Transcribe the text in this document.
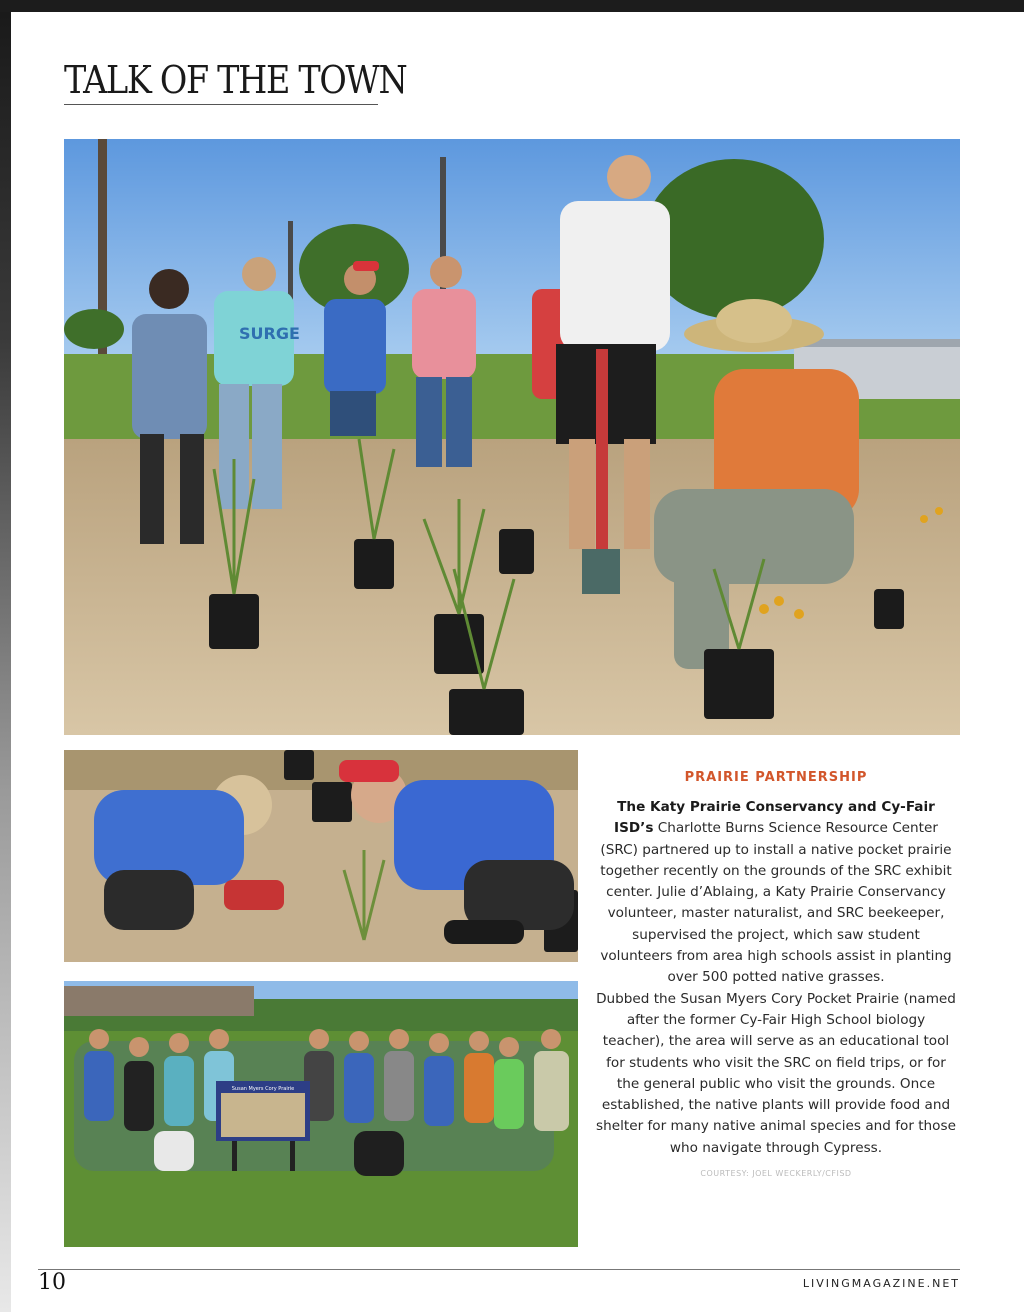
TALK OF THE TOWN
SURGE
Susan Myers Cory Prairie

PRAIRIE PARTNERSHIP

The Katy Prairie Conservancy and Cy-Fair ISD’s Charlotte Burns Science Resource Center (SRC) partnered up to install a native pocket prairie together recently on the grounds of the SRC exhibit center. Julie d’Ablaing, a Katy Prairie Conservancy volunteer, master naturalist, and SRC beekeeper, supervised the project, which saw student volunteers from area high schools assist in planting over 500 potted native grasses.

Dubbed the Susan Myers Cory Pocket Prairie (named after the former Cy-Fair High School biology teacher), the area will serve as an educational tool for students who visit the SRC on field trips, or for the general public who visit the grounds. Once established, the native plants will provide food and shelter for many native animal species and for those who navigate through Cypress.

COURTESY: JOEL WECKERLY/CFISD
10	LIVINGMAGAZINE.NET
